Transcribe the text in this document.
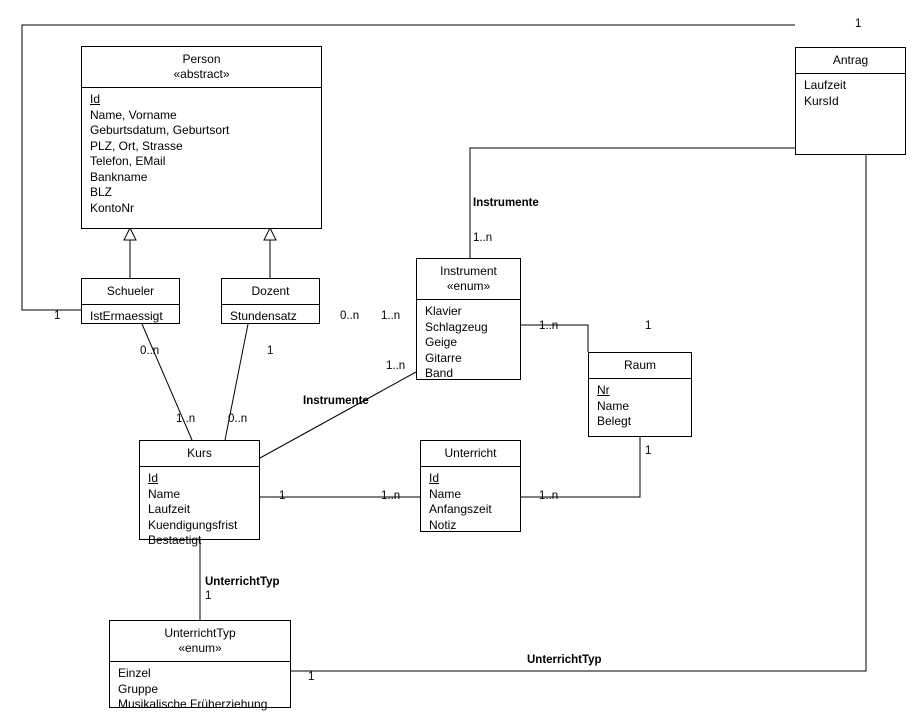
Person
«abstract»
Id
Name, Vorname
Geburtsdatum, Geburtsort
PLZ, Ort, Strasse
Telefon, EMail
Bankname
BLZ
KontoNr
Antrag
Laufzeit
KursId
Schueler
IstErmaessigt
Dozent
Stundensatz
Instrument
«enum»
Klavier
Schlagzeug
Geige
Gitarre
Band
Raum
Nr
Name
Belegt
Kurs
Id
Name
Laufzeit
Kuendigungsfrist
Bestaetigt
Unterricht
Id
Name
Anfangszeit
Notiz
UnterrichtTyp
«enum»
Einzel
Gruppe
Musikalische Früherziehung
1
1
Instrumente
1..n
0..n	1
1..n	0..n
0..n 1..n
Instrumente
1..n
1..n	1
1
1	1..n	1..n
UnterrichtTyp
1
UnterrichtTyp
1
